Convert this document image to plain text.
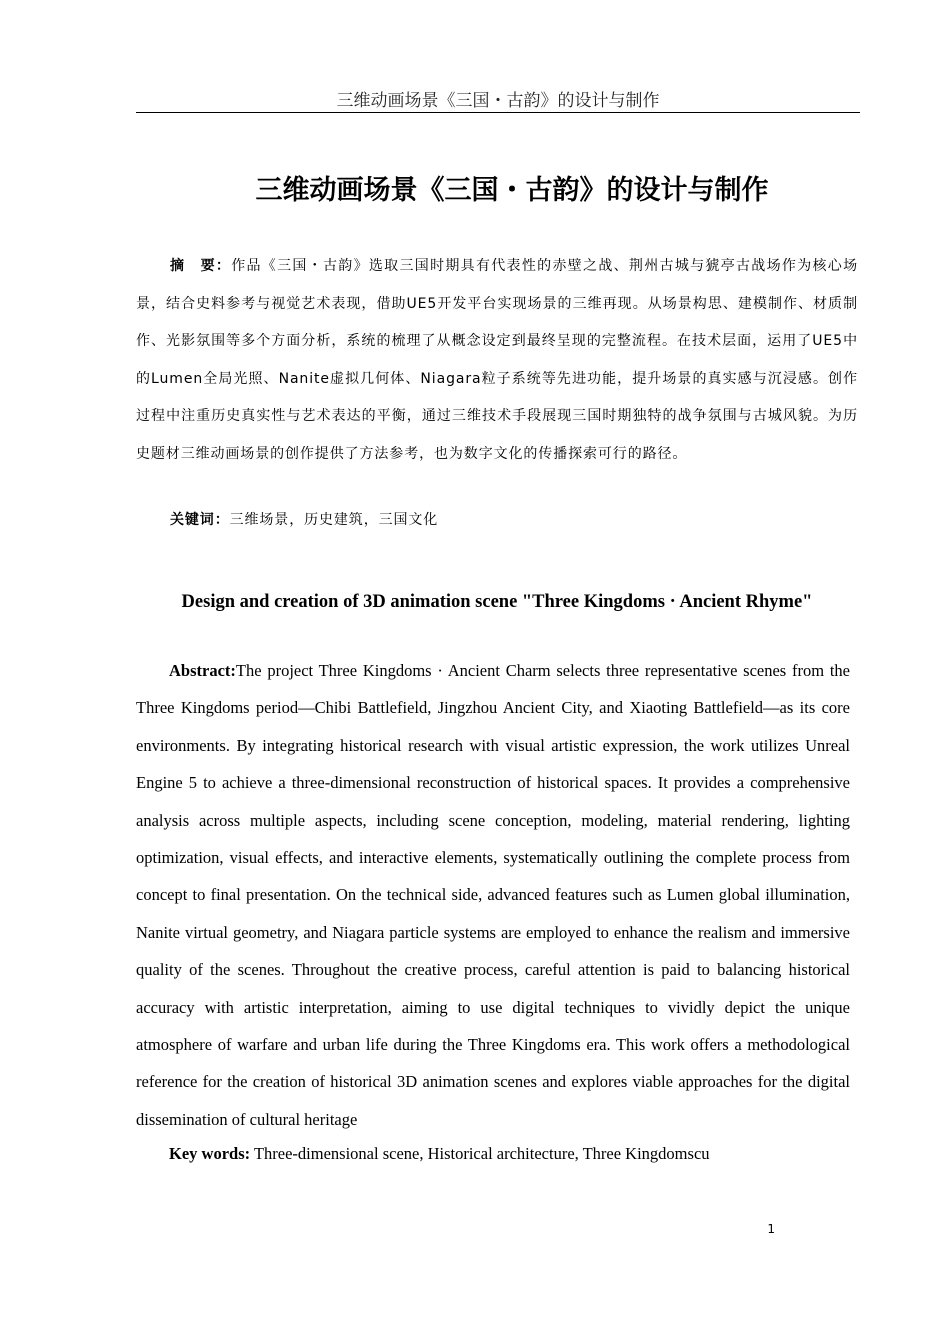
三维动画场景《三国・古韵》的设计与制作
三维动画场景《三国・古韵》的设计与制作

摘　要：作品《三国・古韵》选取三国时期具有代表性的赤壁之战、荆州古城与猇亭古战场作为核心场景，结合史料参考与视觉艺术表现，借助UE5开发平台实现场景的三维再现。从场景构思、建模制作、材质制作、光影氛围等多个方面分析，系统的梳理了从概念设定到最终呈现的完整流程。在技术层面，运用了UE5中的Lumen全局光照、Nanite虚拟几何体、Niagara粒子系统等先进功能，提升场景的真实感与沉浸感。创作过程中注重历史真实性与艺术表达的平衡，通过三维技术手段展现三国时期独特的战争氛围与古城风貌。为历史题材三维动画场景的创作提供了方法参考，也为数字文化的传播探索可行的路径。

关键词：三维场景，历史建筑，三国文化

Design and creation of 3D animation scene "Three Kingdoms · Ancient Rhyme"

Abstract:The project Three Kingdoms · Ancient Charm selects three representative scenes from the Three Kingdoms period—Chibi Battlefield, Jingzhou Ancient City, and Xiaoting Battlefield—as its core environments. By integrating historical research with visual artistic expression, the work utilizes Unreal Engine 5 to achieve a three-dimensional reconstruction of historical spaces. It provides a comprehensive analysis across multiple aspects, including scene conception, modeling, material rendering, lighting optimization, visual effects, and interactive elements, systematically outlining the complete process from concept to final presentation. On the technical side, advanced features such as Lumen global illumination, Nanite virtual geometry, and Niagara particle systems are employed to enhance the realism and immersive quality of the scenes. Throughout the creative process, careful attention is paid to balancing historical accuracy with artistic interpretation, aiming to use digital techniques to vividly depict the unique atmosphere of warfare and urban life during the Three Kingdoms era. This work offers a methodological reference for the creation of historical 3D animation scenes and explores viable approaches for the digital dissemination of cultural heritage

Key words: Three-dimensional scene, Historical architecture, Three Kingdomscu

1
